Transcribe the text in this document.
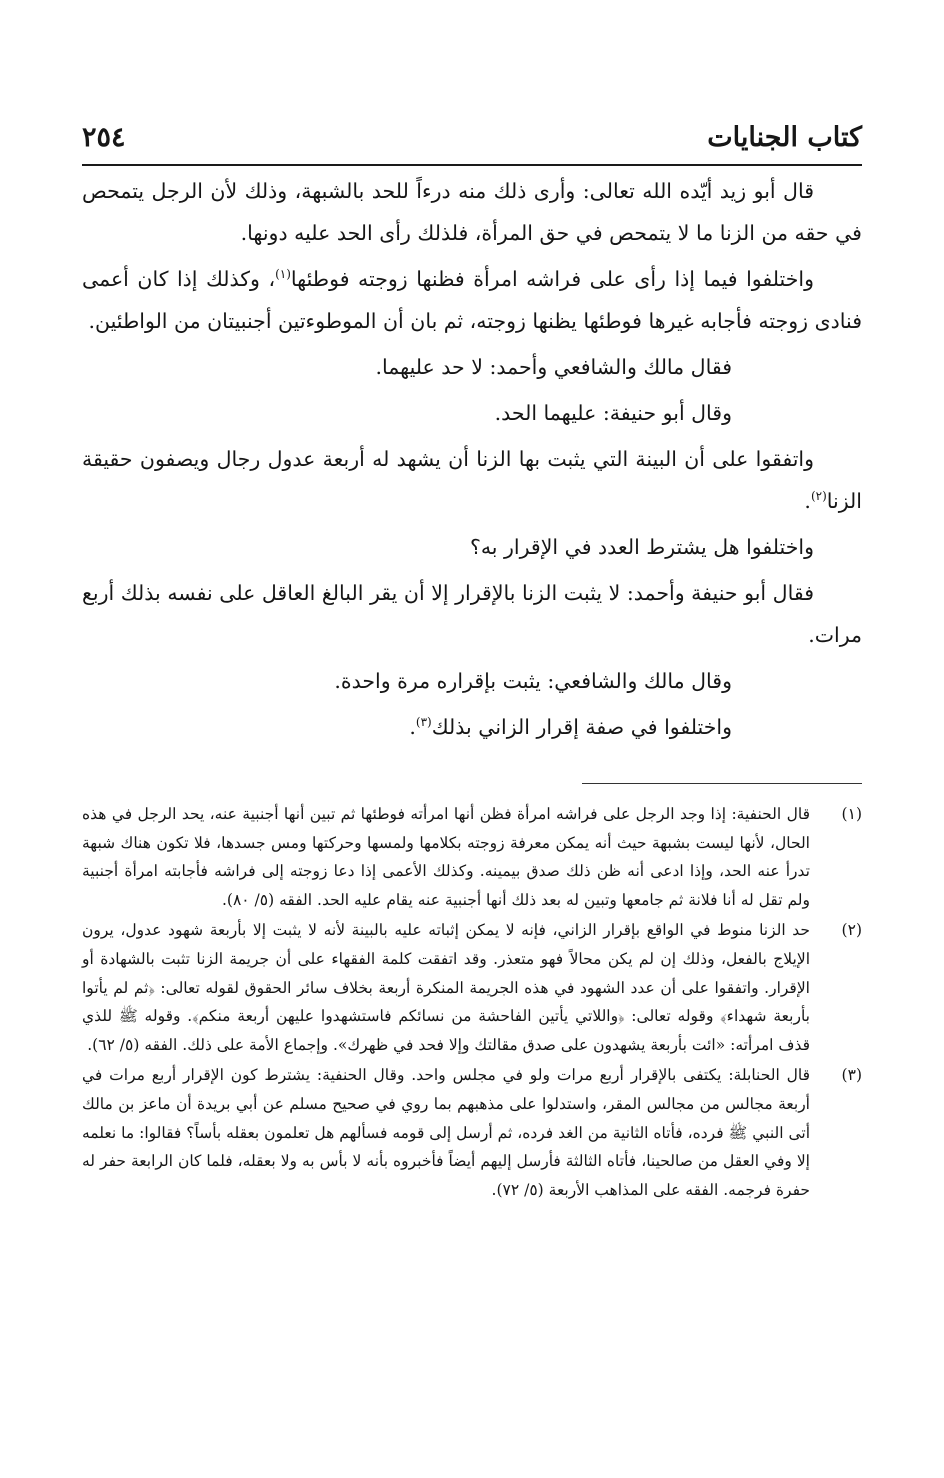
كتاب الجنايات
٢٥٤

قال أبو زيد أيّده الله تعالى: وأرى ذلك منه درءاً للحد بالشبهة، وذلك لأن الرجل يتمحص في حقه من الزنا ما لا يتمحص في حق المرأة، فلذلك رأى الحد عليه دونها.

واختلفوا فيما إذا رأى على فراشه امرأة فظنها زوجته فوطئها$^{(١)}$، وكذلك إذا كان أعمى فنادى زوجته فأجابه غيرها فوطئها يظنها زوجته، ثم بان أن الموطوءتين أجنبيتان من الواطئين.

فقال مالك والشافعي وأحمد: لا حد عليهما.

وقال أبو حنيفة: عليهما الحد.

واتفقوا على أن البينة التي يثبت بها الزنا أن يشهد له أربعة عدول رجال ويصفون حقيقة الزنا$^{(٢)}$.

واختلفوا هل يشترط العدد في الإقرار به؟

فقال أبو حنيفة وأحمد: لا يثبت الزنا بالإقرار إلا أن يقر البالغ العاقل على نفسه بذلك أربع مرات.

وقال مالك والشافعي: يثبت بإقراره مرة واحدة.

واختلفوا في صفة إقرار الزاني بذلك$^{(٣)}$.

(١)
قال الحنفية: إذا وجد الرجل على فراشه امرأة فظن أنها امرأته فوطئها ثم تبين أنها أجنبية عنه، يحد الرجل في هذه الحال، لأنها ليست بشبهة حيث أنه يمكن معرفة زوجته بكلامها ولمسها وحركتها ومس جسدها، فلا تكون هناك شبهة تدرأ عنه الحد، وإذا ادعى أنه ظن ذلك صدق بيمينه. وكذلك الأعمى إذا دعا زوجته إلى فراشه فأجابته امرأة أجنبية ولم تقل له أنا فلانة ثم جامعها وتبين له بعد ذلك أنها أجنبية عنه يقام عليه الحد. الفقه (٥/ ٨٠).
(٢)
حد الزنا منوط في الواقع بإقرار الزاني، فإنه لا يمكن إثباته عليه بالبينة لأنه لا يثبت إلا بأربعة شهود عدول، يرون الإيلاج بالفعل، وذلك إن لم يكن محالاً فهو متعذر. وقد اتفقت كلمة الفقهاء على أن جريمة الزنا تثبت بالشهادة أو الإقرار. واتفقوا على أن عدد الشهود في هذه الجريمة المنكرة أربعة بخلاف سائر الحقوق لقوله تعالى: ﴿ثم لم يأتوا بأربعة شهداء﴾ وقوله تعالى: ﴿واللاتي يأتين الفاحشة من نسائكم فاستشهدوا عليهن أربعة منكم﴾. وقوله ﷺ للذي قذف امرأته: «ائت بأربعة يشهدون على صدق مقالتك وإلا فحد في ظهرك». وإجماع الأمة على ذلك. الفقه (٥/ ٦٢).
(٣)
قال الحنابلة: يكتفى بالإقرار أربع مرات ولو في مجلس واحد. وقال الحنفية: يشترط كون الإقرار أربع مرات في أربعة مجالس من مجالس المقر، واستدلوا على مذهبهم بما روي في صحيح مسلم عن أبي بريدة أن ماعز بن مالك أتى النبي ﷺ فرده، فأتاه الثانية من الغد فرده، ثم أرسل إلى قومه فسألهم هل تعلمون بعقله بأساً؟ فقالوا: ما نعلمه إلا وفي العقل من صالحينا، فأتاه الثالثة فأرسل إليهم أيضاً فأخبروه بأنه لا بأس به ولا بعقله، فلما كان الرابعة حفر له حفرة فرجمه. الفقه على المذاهب الأربعة (٥/ ٧٢).
